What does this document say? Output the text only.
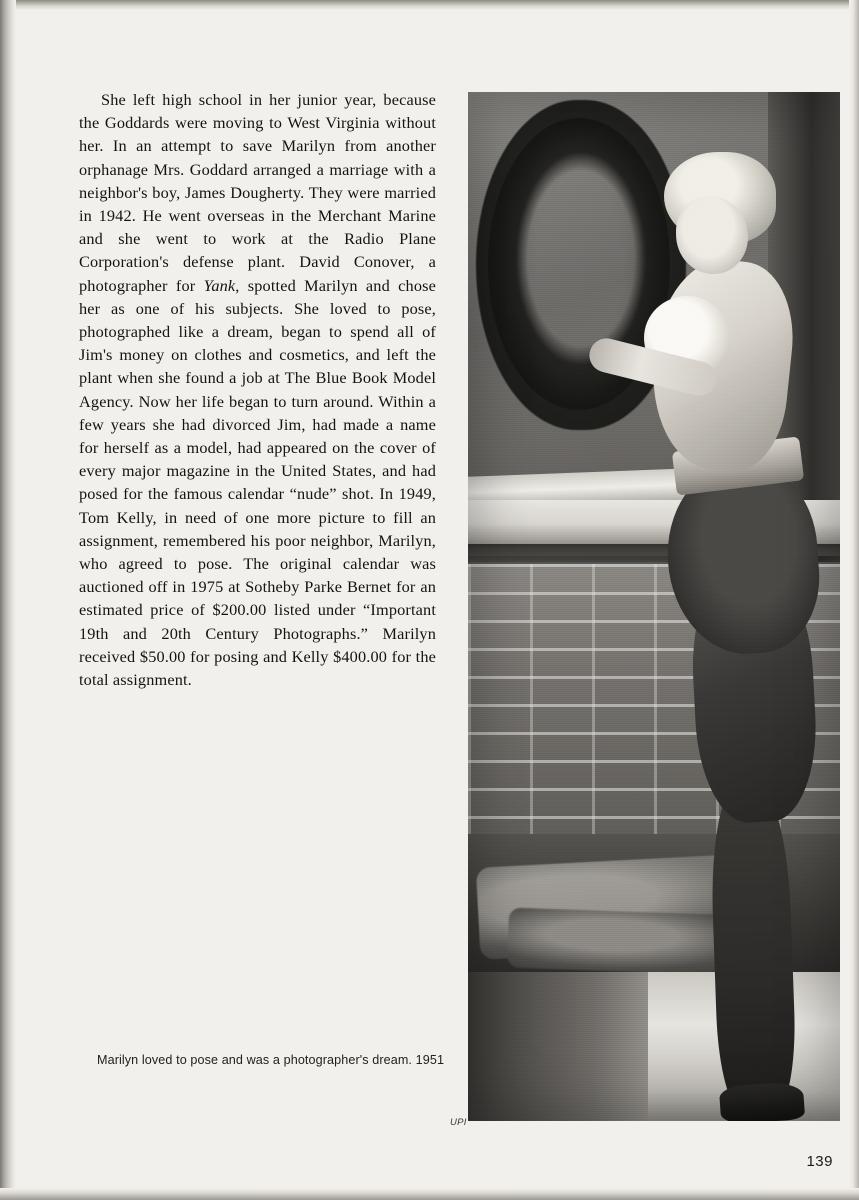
She left high school in her junior year, because the Goddards were moving to West Virginia without her. In an attempt to save Marilyn from another orphanage Mrs. Goddard arranged a marriage with a neighbor's boy, James Dougherty. They were married in 1942. He went overseas in the Merchant Marine and she went to work at the Radio Plane Corporation's defense plant. David Conover, a photographer for Yank, spotted Marilyn and chose her as one of his subjects. She loved to pose, photographed like a dream, began to spend all of Jim's money on clothes and cosmetics, and left the plant when she found a job at The Blue Book Model Agency. Now her life began to turn around. Within a few years she had divorced Jim, had made a name for herself as a model, had appeared on the cover of every major magazine in the United States, and had posed for the famous calendar “nude” shot. In 1949, Tom Kelly, in need of one more picture to fill an assignment, remembered his poor neighbor, Marilyn, who agreed to pose. The original calendar was auctioned off in 1975 at Sotheby Parke Bernet for an estimated price of $200.00 listed under “Important 19th and 20th Century Photographs.” Marilyn received $50.00 for posing and Kelly $400.00 for the total assignment.

Marilyn loved to pose and was a photographer's dream. 1951
UPI
139
